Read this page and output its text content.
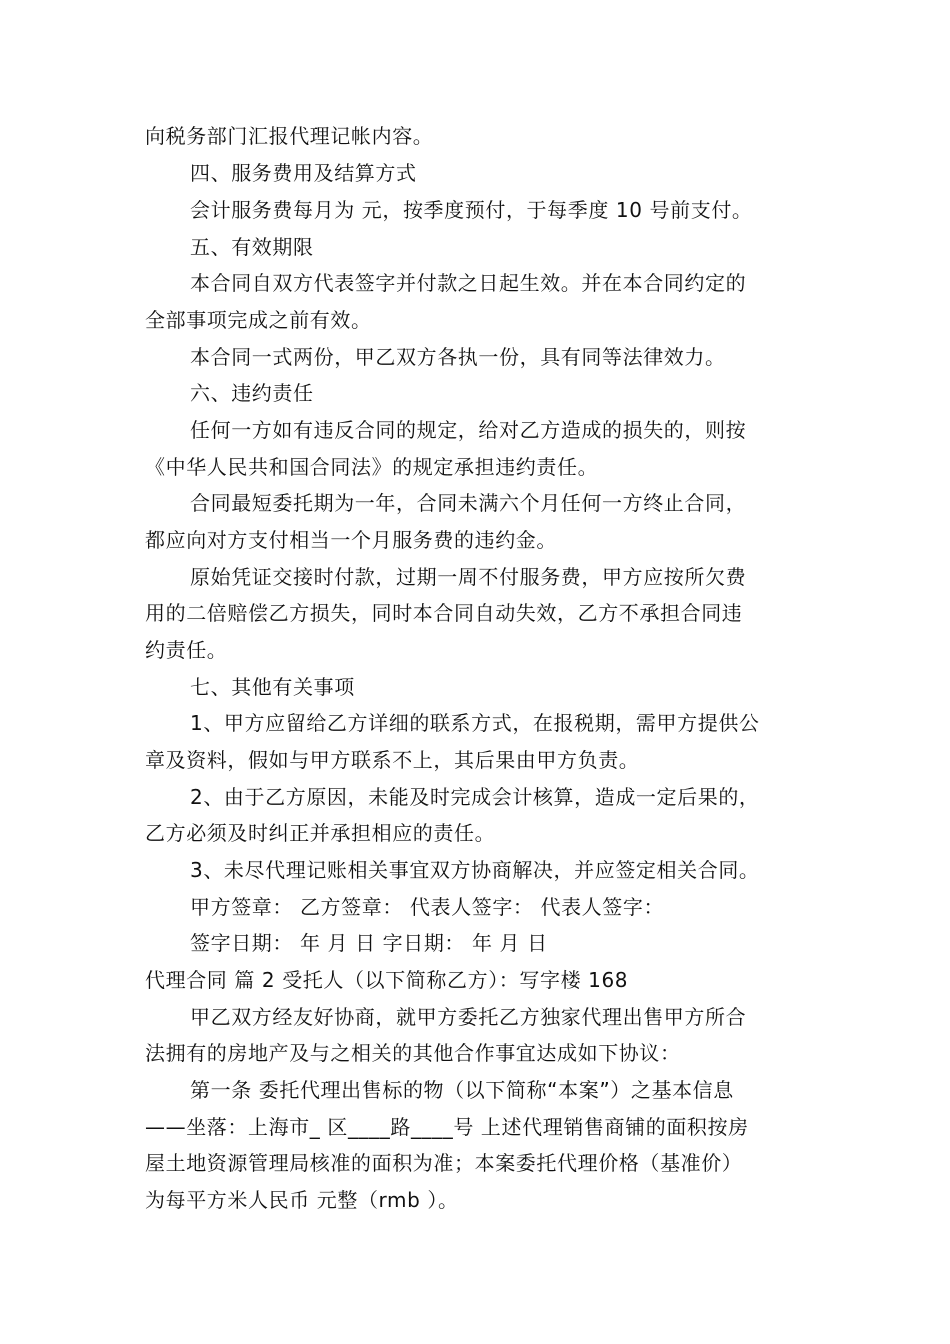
向税务部门汇报代理记帐内容。
四、服务费用及结算方式
会计服务费每月为 元，按季度预付，于每季度 10 号前支付。
五、有效期限
本合同自双方代表签字并付款之日起生效。并在本合同约定的
全部事项完成之前有效。
本合同一式两份，甲乙双方各执一份，具有同等法律效力。
六、违约责任
任何一方如有违反合同的规定，给对乙方造成的损失的，则按
《中华人民共和国合同法》的规定承担违约责任。
合同最短委托期为一年，合同未满六个月任何一方终止合同，
都应向对方支付相当一个月服务费的违约金。
原始凭证交接时付款，过期一周不付服务费，甲方应按所欠费
用的二倍赔偿乙方损失，同时本合同自动失效，乙方不承担合同违
约责任。
七、其他有关事项
1、甲方应留给乙方详细的联系方式，在报税期，需甲方提供公
章及资料，假如与甲方联系不上，其后果由甲方负责。
2、由于乙方原因，未能及时完成会计核算，造成一定后果的，
乙方必须及时纠正并承担相应的责任。
3、未尽代理记账相关事宜双方协商解决，并应签定相关合同。
甲方签章： 乙方签章： 代表人签字： 代表人签字：
签字日期： 年 月 日 字日期： 年 月 日
代理合同 篇 2 受托人（以下简称乙方）：写字楼 168
甲乙双方经友好协商，就甲方委托乙方独家代理出售甲方所合
法拥有的房地产及与之相关的其他合作事宜达成如下协议：
第一条 委托代理出售标的物（以下简称“本案”）之基本信息
——坐落：上海市_ 区____路____号 上述代理销售商铺的面积按房
屋土地资源管理局核准的面积为准；本案委托代理价格（基准价）
为每平方米人民币 元整（rmb ）。
